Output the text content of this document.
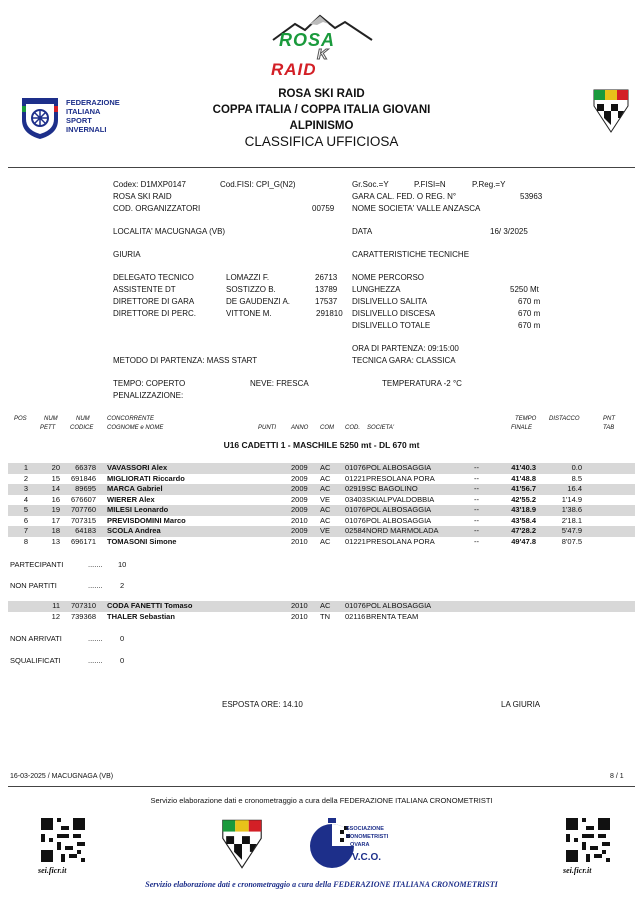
ROSA
K
RAID
FISI
FEDERAZIONE
ITALIANA
SPORT
INVERNALI
ROSA SKI RAID
COPPA ITALIA / COPPA ITALIA GIOVANI
ALPINISMO
CLASSIFICA UFFICIOSA
Codex: D1MXP0147	Cod.FISI: CPI_G(N2)
ROSA SKI RAID
COD. ORGANIZZATORI	00759
LOCALITA' MACUGNAGA (VB)
GIURIA
DELEGATO TECNICO	LOMAZZI F.	26713
ASSISTENTE DT	SOSTIZZO B.	13789
DIRETTORE DI GARA	DE GAUDENZI A.	17537
DIRETTORE DI PERC.	VITTONE M.	291810
Gr.Soc.=Y	P.FISI=N	P.Reg.=Y
GARA CAL. FED. O REG. N°	53963
NOME SOCIETA' VALLE ANZASCA
DATA	16/ 3/2025
CARATTERISTICHE TECNICHE
NOME PERCORSO
LUNGHEZZA	5250 Mt
DISLIVELLO SALITA	670 m
DISLIVELLO DISCESA	670 m
DISLIVELLO TOTALE	670 m
ORA DI PARTENZA: 09:15:00
TECNICA GARA: CLASSICA
METODO DI PARTENZA: MASS START
TEMPO: COPERTO	NEVE: FRESCA	TEMPERATURA -2 °C
PENALIZZAZIONE:
POS	NUM
PETT
NUM
CODICE
CONCORRENTE
COGNOME e NOME	PUNTI	ANNO COM COD. SOCIETA'
TEMPO
FINALE
DISTACCO	PNT
TAB
U16 CADETTI 1 - MASCHILE 5250 mt - DL 670 mt
1	20	66378 VAVASSORI Alex	2009	AC	01076 POL ALBOSAGGIA	--	41'40.3	0.0
2	15	691846 MIGLIORATI Riccardo	2009	AC	01221 PRESOLANA PORA	--	41'48.8	8.5
3	14	89695 MARCA Gabriel	2009	AC	02919 SC BAGOLINO	--	41'56.7	16.4
4	16	676607 WIERER Alex	2009	VE	03403 SKIALPVALDOBBIA	--	42'55.2	1'14.9
5	19	707760 MILESI Leonardo	2009	AC	01076 POL ALBOSAGGIA	--	43'18.9	1'38.6
6	17	707315 PREVISDOMINI Marco	2010	AC	01076 POL ALBOSAGGIA	--	43'58.4	2'18.1
7	18	64183 SCOLA Andrea	2009	VE	02584 NORD MARMOLADA	--	47'28.2	5'47.9
8	13	696171 TOMASONI Simone	2010	AC	01221 PRESOLANA PORA	--	49'47.8	8'07.5
PARTECIPANTI	....... 10
NON PARTITI	....... 2
11	707310 CODA FANETTI Tomaso	2010	AC	01076 POL ALBOSAGGIA
12	739368 THALER Sebastian	2010	TN	02116 BRENTA TEAM
NON ARRIVATI	....... 0
SQUALIFICATI	....... 0
ESPOSTA ORE: 14.10	LA GIURIA
16-03-2025 / MACUGNAGA (VB)	8 / 1
Servizio elaborazione dati e cronometraggio a cura della FEDERAZIONE ITALIANA CRONOMETRISTI
sei.ficr.it
SSOCIAZIONE
RONOMETRISTI
OVARA
V.C.O.
sei.ficr.it
Servizio elaborazione dati e cronometraggio a cura della FEDERAZIONE ITALIANA CRONOMETRISTI
